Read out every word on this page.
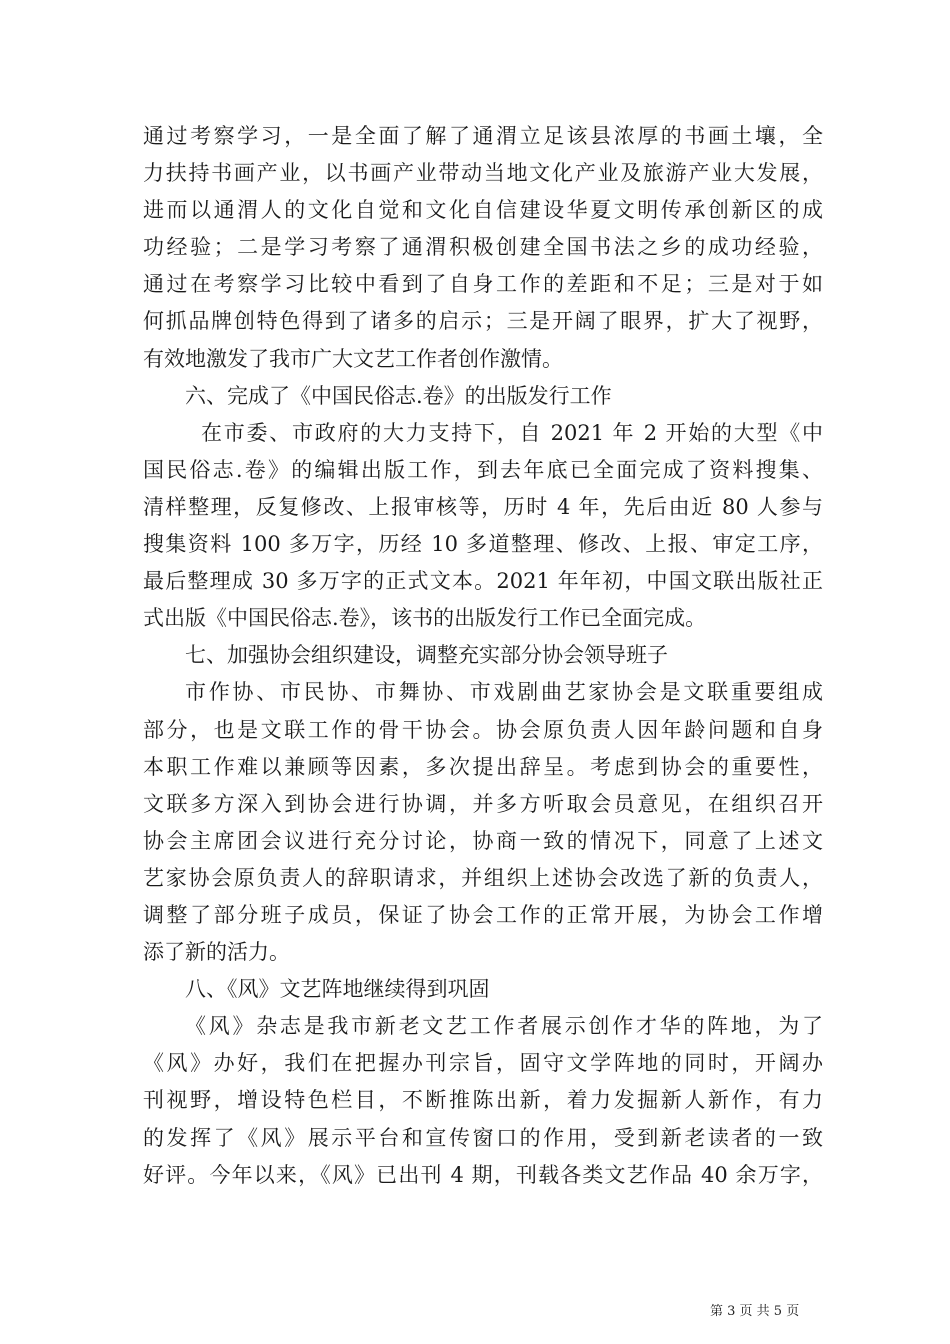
通过考察学习，一是全面了解了通渭立足该县浓厚的书画土壤，全
力扶持书画产业，以书画产业带动当地文化产业及旅游产业大发展，
进而以通渭人的文化自觉和文化自信建设华夏文明传承创新区的成
功经验；二是学习考察了通渭积极创建全国书法之乡的成功经验，
通过在考察学习比较中看到了自身工作的差距和不足；三是对于如
何抓品牌创特色得到了诸多的启示；三是开阔了眼界，扩大了视野，
有效地激发了我市广大文艺工作者创作激情。
六、完成了《中国民俗志.卷》的出版发行工作
在市委、市政府的大力支持下，自 2021 年 2 开始的大型《中
国民俗志.卷》的编辑出版工作，到去年底已全面完成了资料搜集、
清样整理，反复修改、上报审核等，历时 4 年，先后由近 80 人参与
搜集资料 100 多万字，历经 10 多道整理、修改、上报、审定工序，
最后整理成 30 多万字的正式文本。2021 年年初，中国文联出版社正
式出版《中国民俗志.卷》，该书的出版发行工作已全面完成。
七、加强协会组织建设，调整充实部分协会领导班子
市作协、市民协、市舞协、市戏剧曲艺家协会是文联重要组成
部分，也是文联工作的骨干协会。协会原负责人因年龄问题和自身
本职工作难以兼顾等因素，多次提出辞呈。考虑到协会的重要性，
文联多方深入到协会进行协调，并多方听取会员意见，在组织召开
协会主席团会议进行充分讨论，协商一致的情况下，同意了上述文
艺家协会原负责人的辞职请求，并组织上述协会改选了新的负责人，
调整了部分班子成员，保证了协会工作的正常开展，为协会工作增
添了新的活力。
八、《风》文艺阵地继续得到巩固
《风》杂志是我市新老文艺工作者展示创作才华的阵地，为了
《风》办好，我们在把握办刊宗旨，固守文学阵地的同时，开阔办
刊视野，增设特色栏目，不断推陈出新，着力发掘新人新作，有力
的发挥了《风》展示平台和宣传窗口的作用，受到新老读者的一致
好评。今年以来，《风》已出刊 4 期，刊载各类文艺作品 40 余万字，
第 3 页 共 5 页
